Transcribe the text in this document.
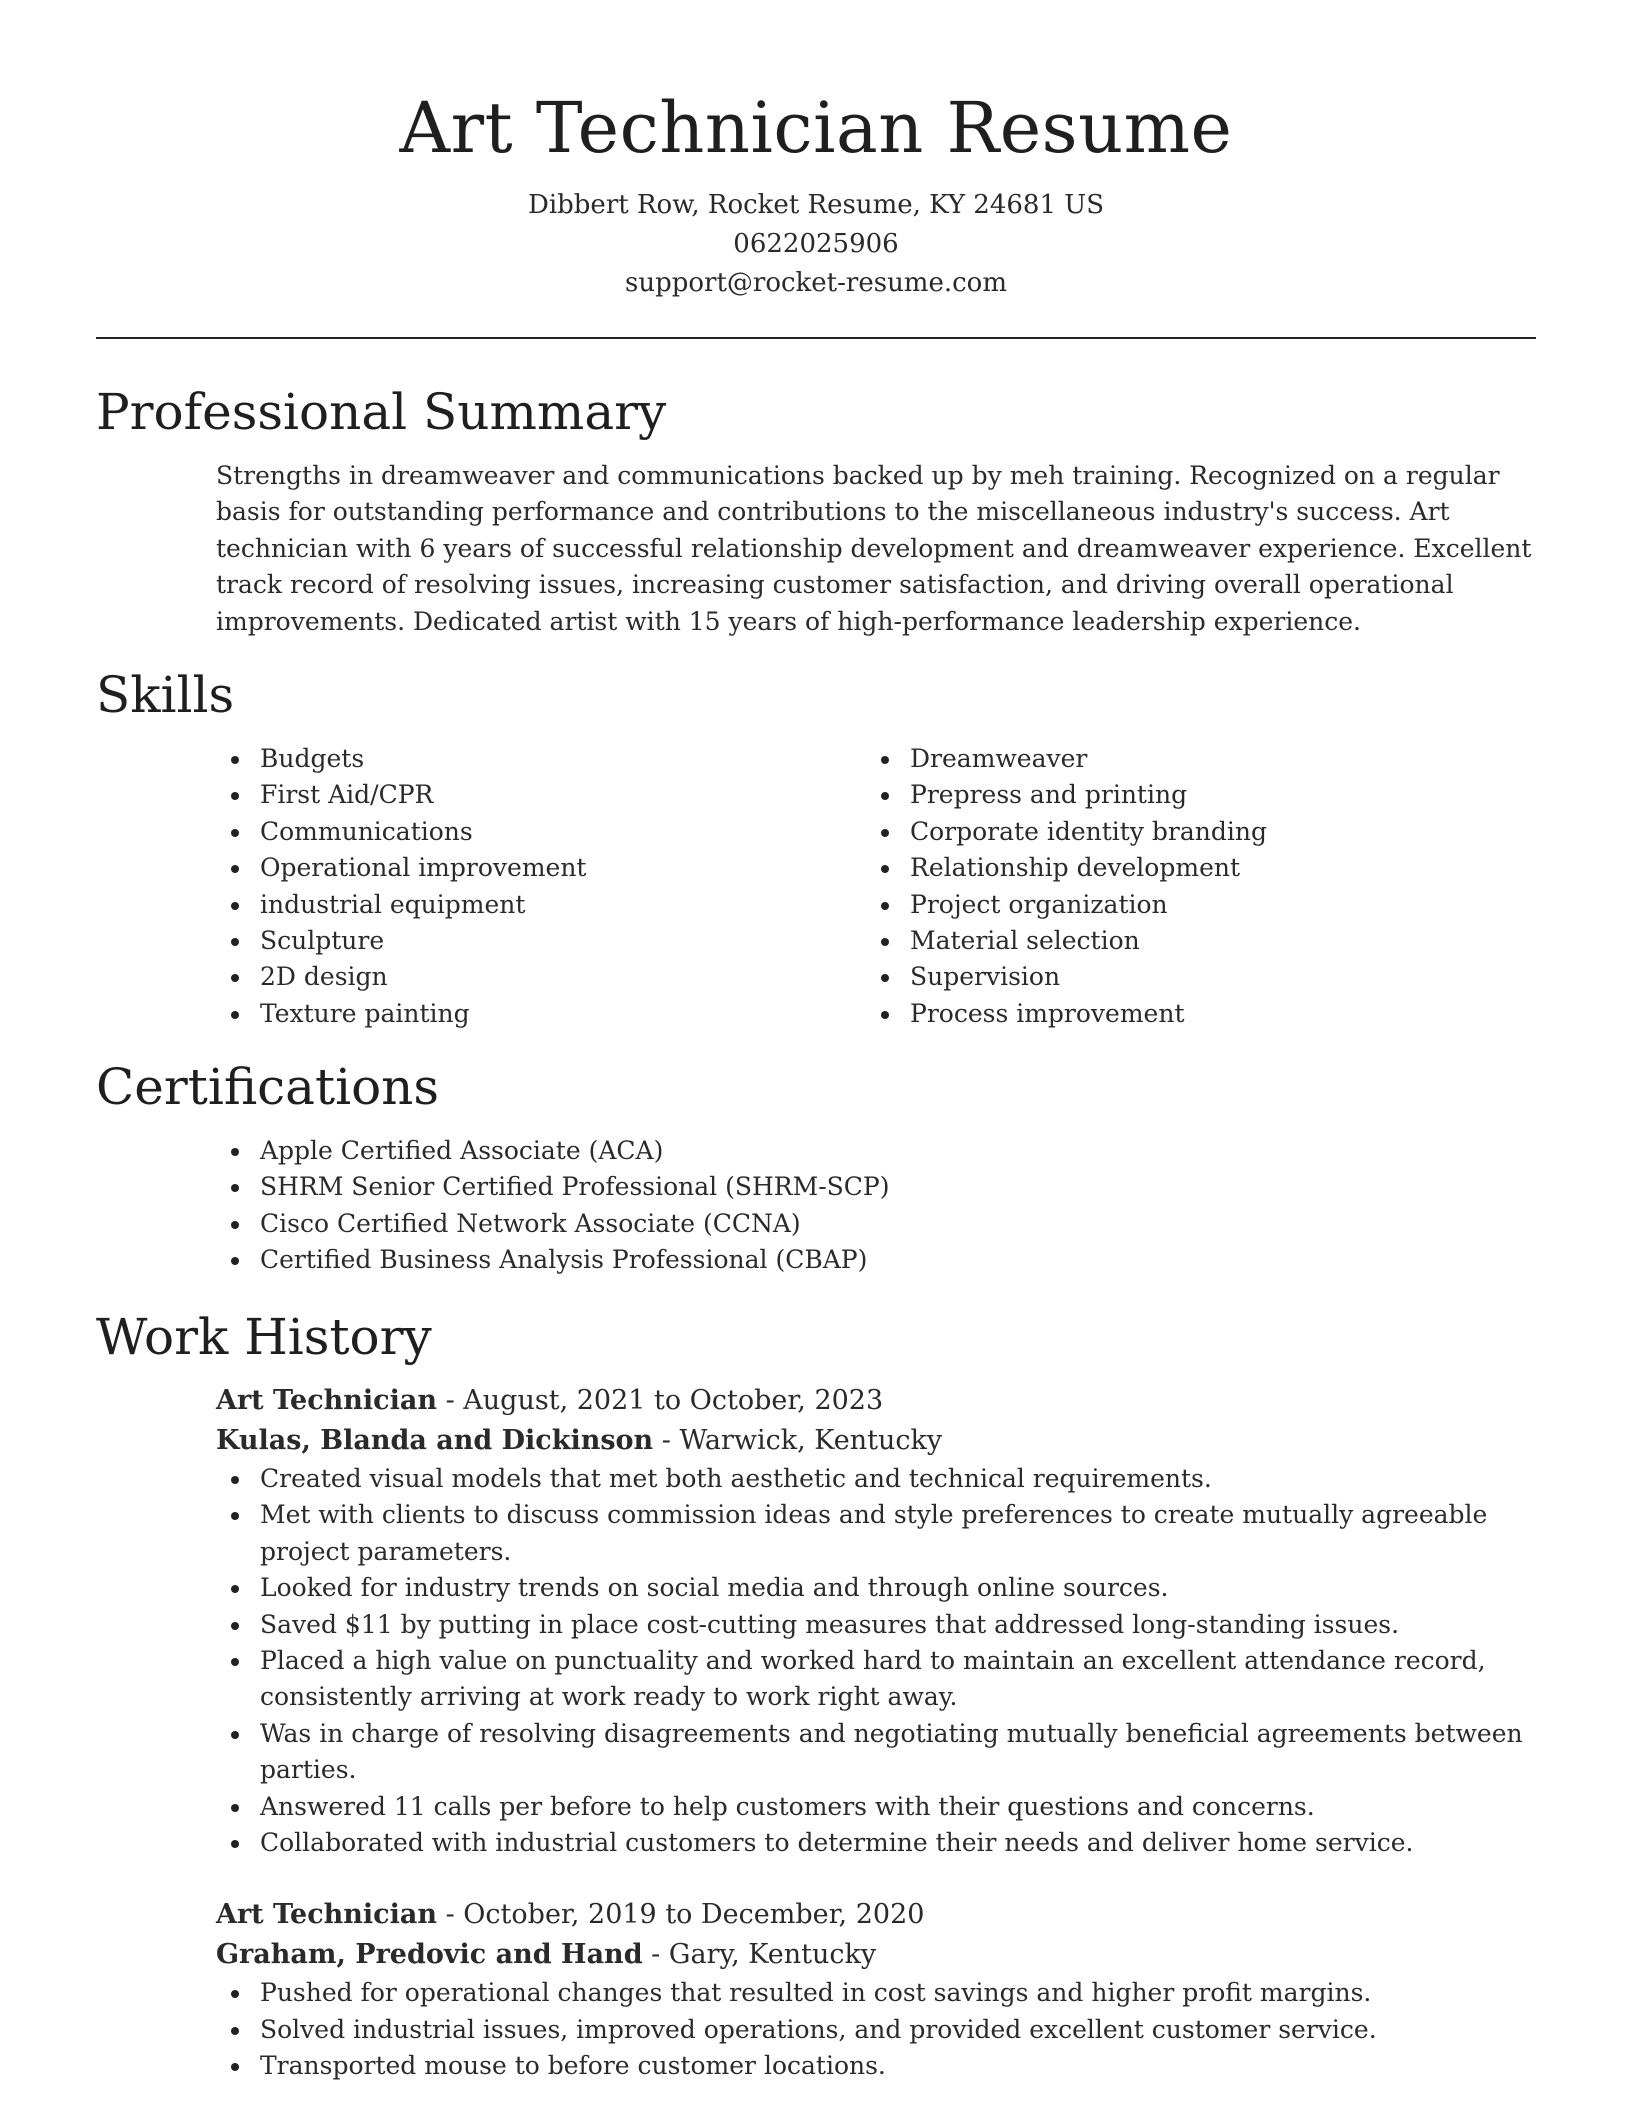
Art Technician Resume

Dibbert Row, Rocket Resume, KY 24681 US

0622025906

support@rocket-resume.com

Professional Summary

Strengths in dreamweaver and communications backed up by meh training. Recognized on a regular basis for outstanding performance and contributions to the miscellaneous industry's success. Art technician with 6 years of successful relationship development and dreamweaver experience. Excellent track record of resolving issues, increasing customer satisfaction, and driving overall operational improvements. Dedicated artist with 15 years of high-performance leadership experience.

Skills
Budgets
First Aid/CPR
Communications
Operational improvement
industrial equipment
Sculpture
2D design
Texture painting
Dreamweaver
Prepress and printing
Corporate identity branding
Relationship development
Project organization
Material selection
Supervision
Process improvement
Certifications
Apple Certified Associate (ACA)
SHRM Senior Certified Professional (SHRM-SCP)
Cisco Certified Network Associate (CCNA)
Certified Business Analysis Professional (CBAP)
Work History

Art Technician - August, 2021 to October, 2023

Kulas, Blanda and Dickinson - Warwick, Kentucky

Created visual models that met both aesthetic and technical requirements.
Met with clients to discuss commission ideas and style preferences to create mutually agreeable project parameters.
Looked for industry trends on social media and through online sources.
Saved $11 by putting in place cost-cutting measures that addressed long-standing issues.
Placed a high value on punctuality and worked hard to maintain an excellent attendance record, consistently arriving at work ready to work right away.
Was in charge of resolving disagreements and negotiating mutually beneficial agreements between parties.
Answered 11 calls per before to help customers with their questions and concerns.
Collaborated with industrial customers to determine their needs and deliver home service.

Art Technician - October, 2019 to December, 2020

Graham, Predovic and Hand - Gary, Kentucky

Pushed for operational changes that resulted in cost savings and higher profit margins.
Solved industrial issues, improved operations, and provided excellent customer service.
Transported mouse to before customer locations.
